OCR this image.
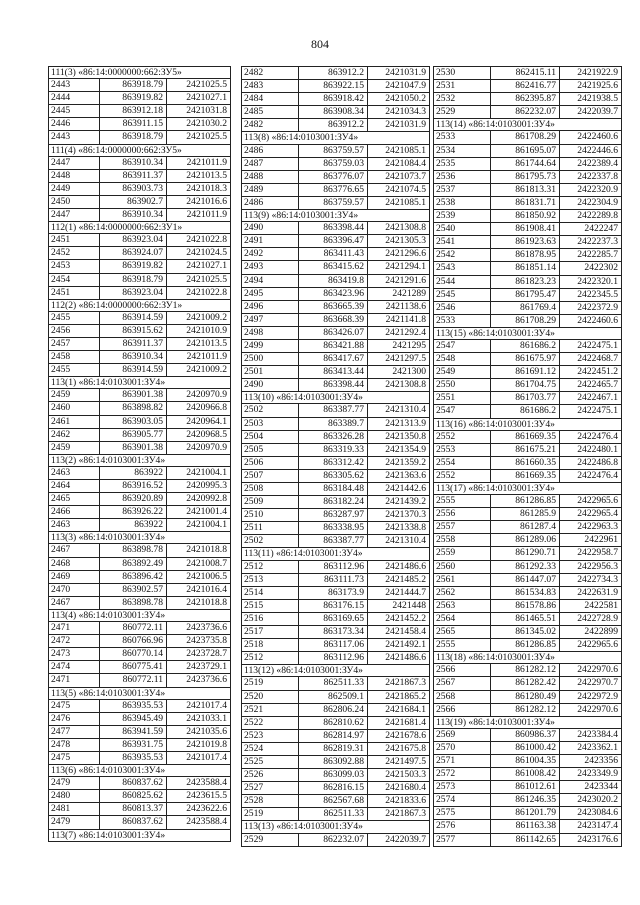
804
111(3) «86:14:0000000:662:ЗУ5»
2443	863918.79	2421025.5
2444	863919.82	2421027.1
2445	863912.18	2421031.8
2446	863911.15	2421030.2
2443	863918.79	2421025.5
111(4) «86:14:0000000:662:ЗУ5»
2447	863910.34	2421011.9
2448	863911.37	2421013.5
2449	863903.73	2421018.3
2450	863902.7	2421016.6
2447	863910.34	2421011.9
112(1) «86:14:0000000:662:ЗУ1»
2451	863923.04	2421022.8
2452	863924.07	2421024.5
2453	863919.82	2421027.1
2454	863918.79	2421025.5
2451	863923.04	2421022.8
112(2) «86:14:0000000:662:ЗУ1»
2455	863914.59	2421009.2
2456	863915.62	2421010.9
2457	863911.37	2421013.5
2458	863910.34	2421011.9
2455	863914.59	2421009.2
113(1) «86:14:0103001:ЗУ4»
2459	863901.38	2420970.9
2460	863898.82	2420966.8
2461	863903.05	2420964.1
2462	863905.77	2420968.5
2459	863901.38	2420970.9
113(2) «86:14:0103001:ЗУ4»
2463	863922	2421004.1
2464	863916.52	2420995.3
2465	863920.89	2420992.8
2466	863926.22	2421001.4
2463	863922	2421004.1
113(3) «86:14:0103001:ЗУ4»
2467	863898.78	2421018.8
2468	863892.49	2421008.7
2469	863896.42	2421006.5
2470	863902.57	2421016.4
2467	863898.78	2421018.8
113(4) «86:14:0103001:ЗУ4»
2471	860772.11	2423736.6
2472	860766.96	2423735.8
2473	860770.14	2423728.7
2474	860775.41	2423729.1
2471	860772.11	2423736.6
113(5) «86:14:0103001:ЗУ4»
2475	863935.53	2421017.4
2476	863945.49	2421033.1
2477	863941.59	2421035.6
2478	863931.75	2421019.8
2475	863935.53	2421017.4
113(6) «86:14:0103001:ЗУ4»
2479	860837.62	2423588.4
2480	860825.62	2423615.5
2481	860813.37	2423622.6
2479	860837.62	2423588.4
113(7) «86:14:0103001:ЗУ4»
2482	863912.2	2421031.9
2483	863922.15	2421047.9
2484	863918.42	2421050.2
2485	863908.34	2421034.3
2482	863912.2	2421031.9
113(8) «86:14:0103001:ЗУ4»
2486	863759.57	2421085.1
2487	863759.03	2421084.4
2488	863776.07	2421073.7
2489	863776.65	2421074.5
2486	863759.57	2421085.1
113(9) «86:14:0103001:ЗУ4»
2490	863398.44	2421308.8
2491	863396.47	2421305.3
2492	863411.43	2421296.6
2493	863415.62	2421294.1
2494	863419.8	2421291.6
2495	863423.96	2421289
2496	863665.39	2421138.6
2497	863668.39	2421141.8
2498	863426.07	2421292.4
2499	863421.88	2421295
2500	863417.67	2421297.5
2501	863413.44	2421300
2490	863398.44	2421308.8
113(10) «86:14:0103001:ЗУ4»
2502	863387.77	2421310.4
2503	863389.7	2421313.9
2504	863326.28	2421350.8
2505	863319.33	2421354.9
2506	863312.42	2421359.2
2507	863305.62	2421363.6
2508	863184.48	2421442.6
2509	863182.24	2421439.2
2510	863287.97	2421370.3
2511	863338.95	2421338.8
2502	863387.77	2421310.4
113(11) «86:14:0103001:ЗУ4»
2512	863112.96	2421486.6
2513	863111.73	2421485.2
2514	863173.9	2421444.7
2515	863176.15	2421448
2516	863169.65	2421452.2
2517	863173.34	2421458.4
2518	863117.06	2421492.1
2512	863112.96	2421486.6
113(12) «86:14:0103001:ЗУ4»
2519	862511.33	2421867.3
2520	862509.1	2421865.2
2521	862806.24	2421684.1
2522	862810.62	2421681.4
2523	862814.97	2421678.6
2524	862819.31	2421675.8
2525	863092.88	2421497.5
2526	863099.03	2421503.3
2527	862816.15	2421680.4
2528	862567.68	2421833.6
2519	862511.33	2421867.3
113(13) «86:14:0103001:ЗУ4»
2529	862232.07	2422039.7
2530	862415.11	2421922.9
2531	862416.77	2421925.6
2532	862395.87	2421938.5
2529	862232.07	2422039.7
113(14) «86:14:0103001:ЗУ4»
2533	861708.29	2422460.6
2534	861695.07	2422446.6
2535	861744.64	2422389.4
2536	861795.73	2422337.8
2537	861813.31	2422320.9
2538	861831.71	2422304.9
2539	861850.92	2422289.8
2540	861908.41	2422247
2541	861923.63	2422237.3
2542	861878.95	2422285.7
2543	861851.14	2422302
2544	861823.23	2422320.1
2545	861795.47	2422345.5
2546	861769.4	2422372.9
2533	861708.29	2422460.6
113(15) «86:14:0103001:ЗУ4»
2547	861686.2	2422475.1
2548	861675.97	2422468.7
2549	861691.12	2422451.2
2550	861704.75	2422465.7
2551	861703.77	2422467.1
2547	861686.2	2422475.1
113(16) «86:14:0103001:ЗУ4»
2552	861669.35	2422476.4
2553	861675.21	2422480.1
2554	861660.35	2422486.8
2552	861669.35	2422476.4
113(17) «86:14:0103001:ЗУ4»
2555	861286.85	2422965.6
2556	861285.9	2422965.4
2557	861287.4	2422963.3
2558	861289.06	2422961
2559	861290.71	2422958.7
2560	861292.33	2422956.3
2561	861447.07	2422734.3
2562	861534.83	2422631.9
2563	861578.86	2422581
2564	861465.51	2422728.9
2565	861345.02	2422899
2555	861286.85	2422965.6
113(18) «86:14:0103001:ЗУ4»
2566	861282.12	2422970.6
2567	861282.42	2422970.7
2568	861280.49	2422972.9
2566	861282.12	2422970.6
113(19) «86:14:0103001:ЗУ4»
2569	860986.37	2423384.4
2570	861000.42	2423362.1
2571	861004.35	2423356
2572	861008.42	2423349.9
2573	861012.61	2423344
2574	861246.35	2423020.2
2575	861201.79	2423084.6
2576	861163.38	2423147.4
2577	861142.65	2423176.6
